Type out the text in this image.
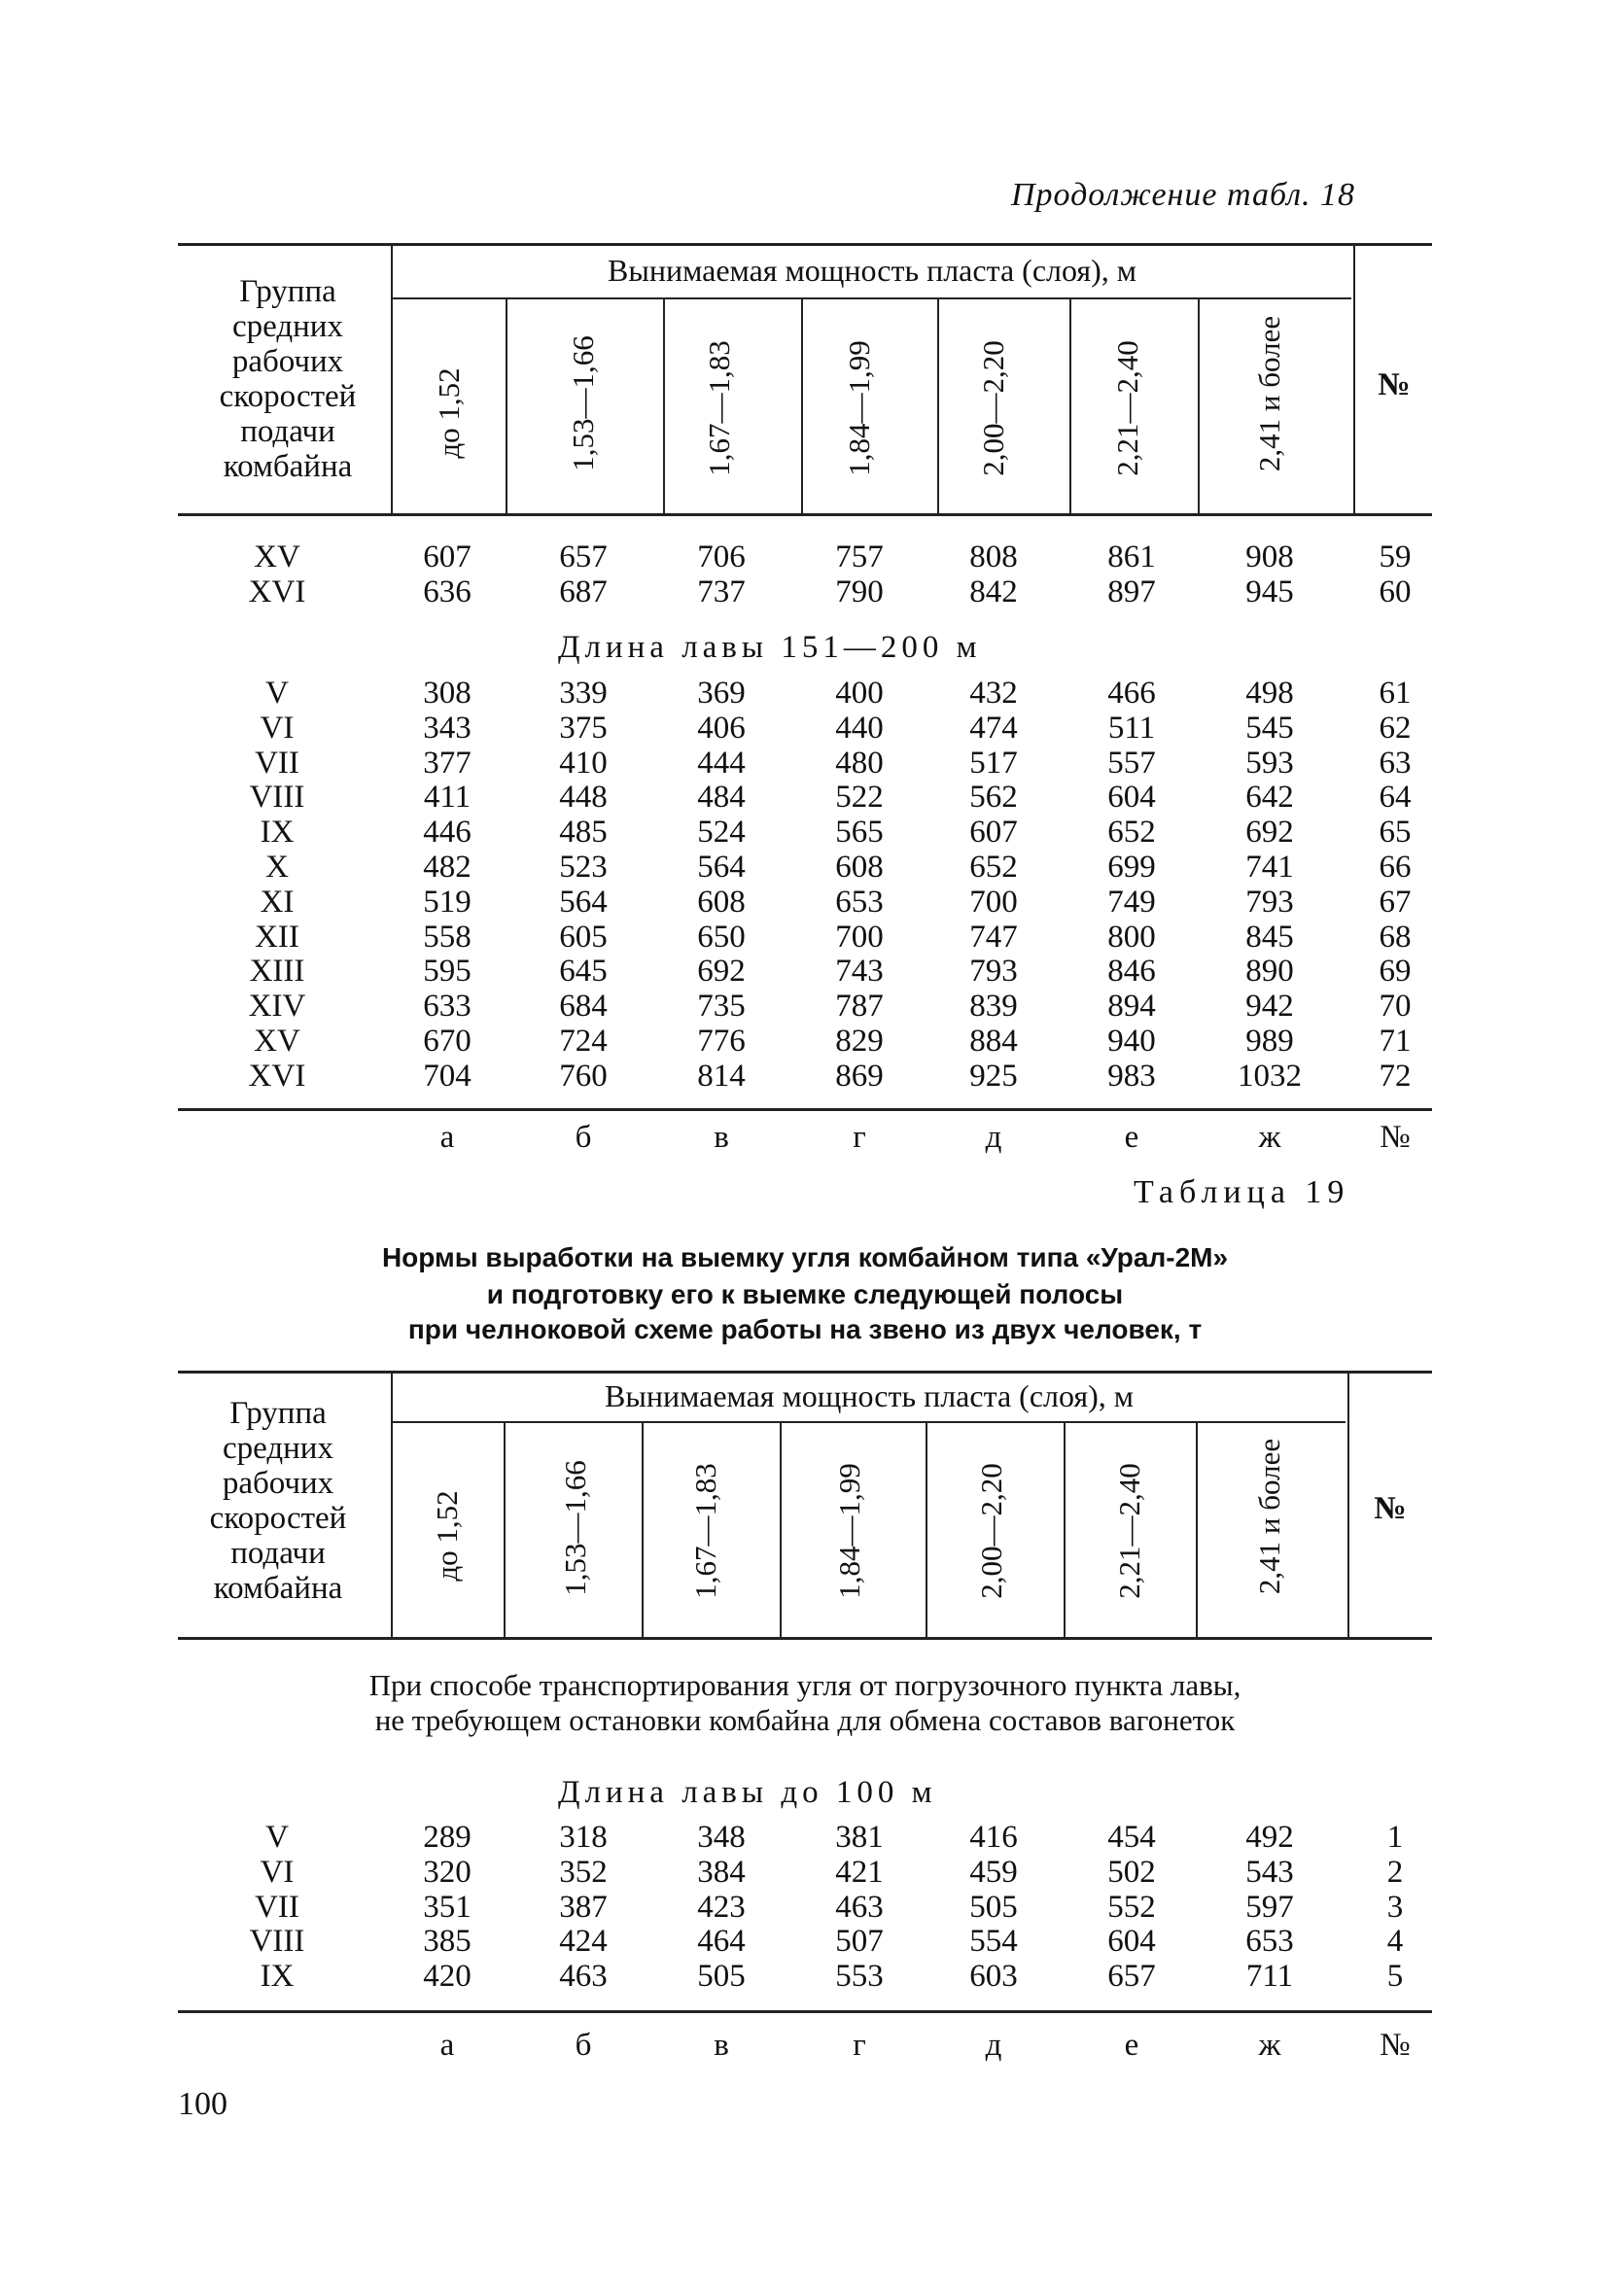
Продолжение табл. 18
Группа
средних
рабочих
скоростей
подачи
комбайна
Вынимаемая мощность пласта (слоя), м
до 1,52	1,53—1,66	1,67—1,83	1,84—1,99	2,00—2,20	2,21—2,40	2,41 и более	№
XV	607	657	706	757	808	861	908	59
XVI	636	687	737	790	842	897	945	60
Длина лавы 151—200 м
V	308	339	369	400	432	466	498	61
VI	343	375	406	440	474	511	545	62
VII	377	410	444	480	517	557	593	63
VIII	411	448	484	522	562	604	642	64
IX	446	485	524	565	607	652	692	65
X	482	523	564	608	652	699	741	66
XI	519	564	608	653	700	749	793	67
XII	558	605	650	700	747	800	845	68
XIII	595	645	692	743	793	846	890	69
XIV	633	684	735	787	839	894	942	70
XV	670	724	776	829	884	940	989	71
XVI	704	760	814	869	925	983	1032	72
а	б	в	г	д	е	ж	№
Таблица 19
Нормы выработки на выемку угля комбайном типа «Урал-2М»
и подготовку его к выемке следующей полосы
при челноковой схеме работы на звено из двух человек, т
Группа
средних
рабочих
скоростей
подачи
комбайна
Вынимаемая мощность пласта (слоя), м
до 1,52	1,53—1,66	1,67—1,83	1,84—1,99	2,00—2,20	2,21—2,40	2,41 и более	№
При способе транспортирования угля от погрузочного пункта лавы,
не требующем остановки комбайна для обмена составов вагонеток
Длина лавы до 100 м
V	289	318	348	381	416	454	492	1
VI	320	352	384	421	459	502	543	2
VII	351	387	423	463	505	552	597	3
VIII	385	424	464	507	554	604	653	4
IX	420	463	505	553	603	657	711	5
а	б	в	г	д	е	ж	№
100
